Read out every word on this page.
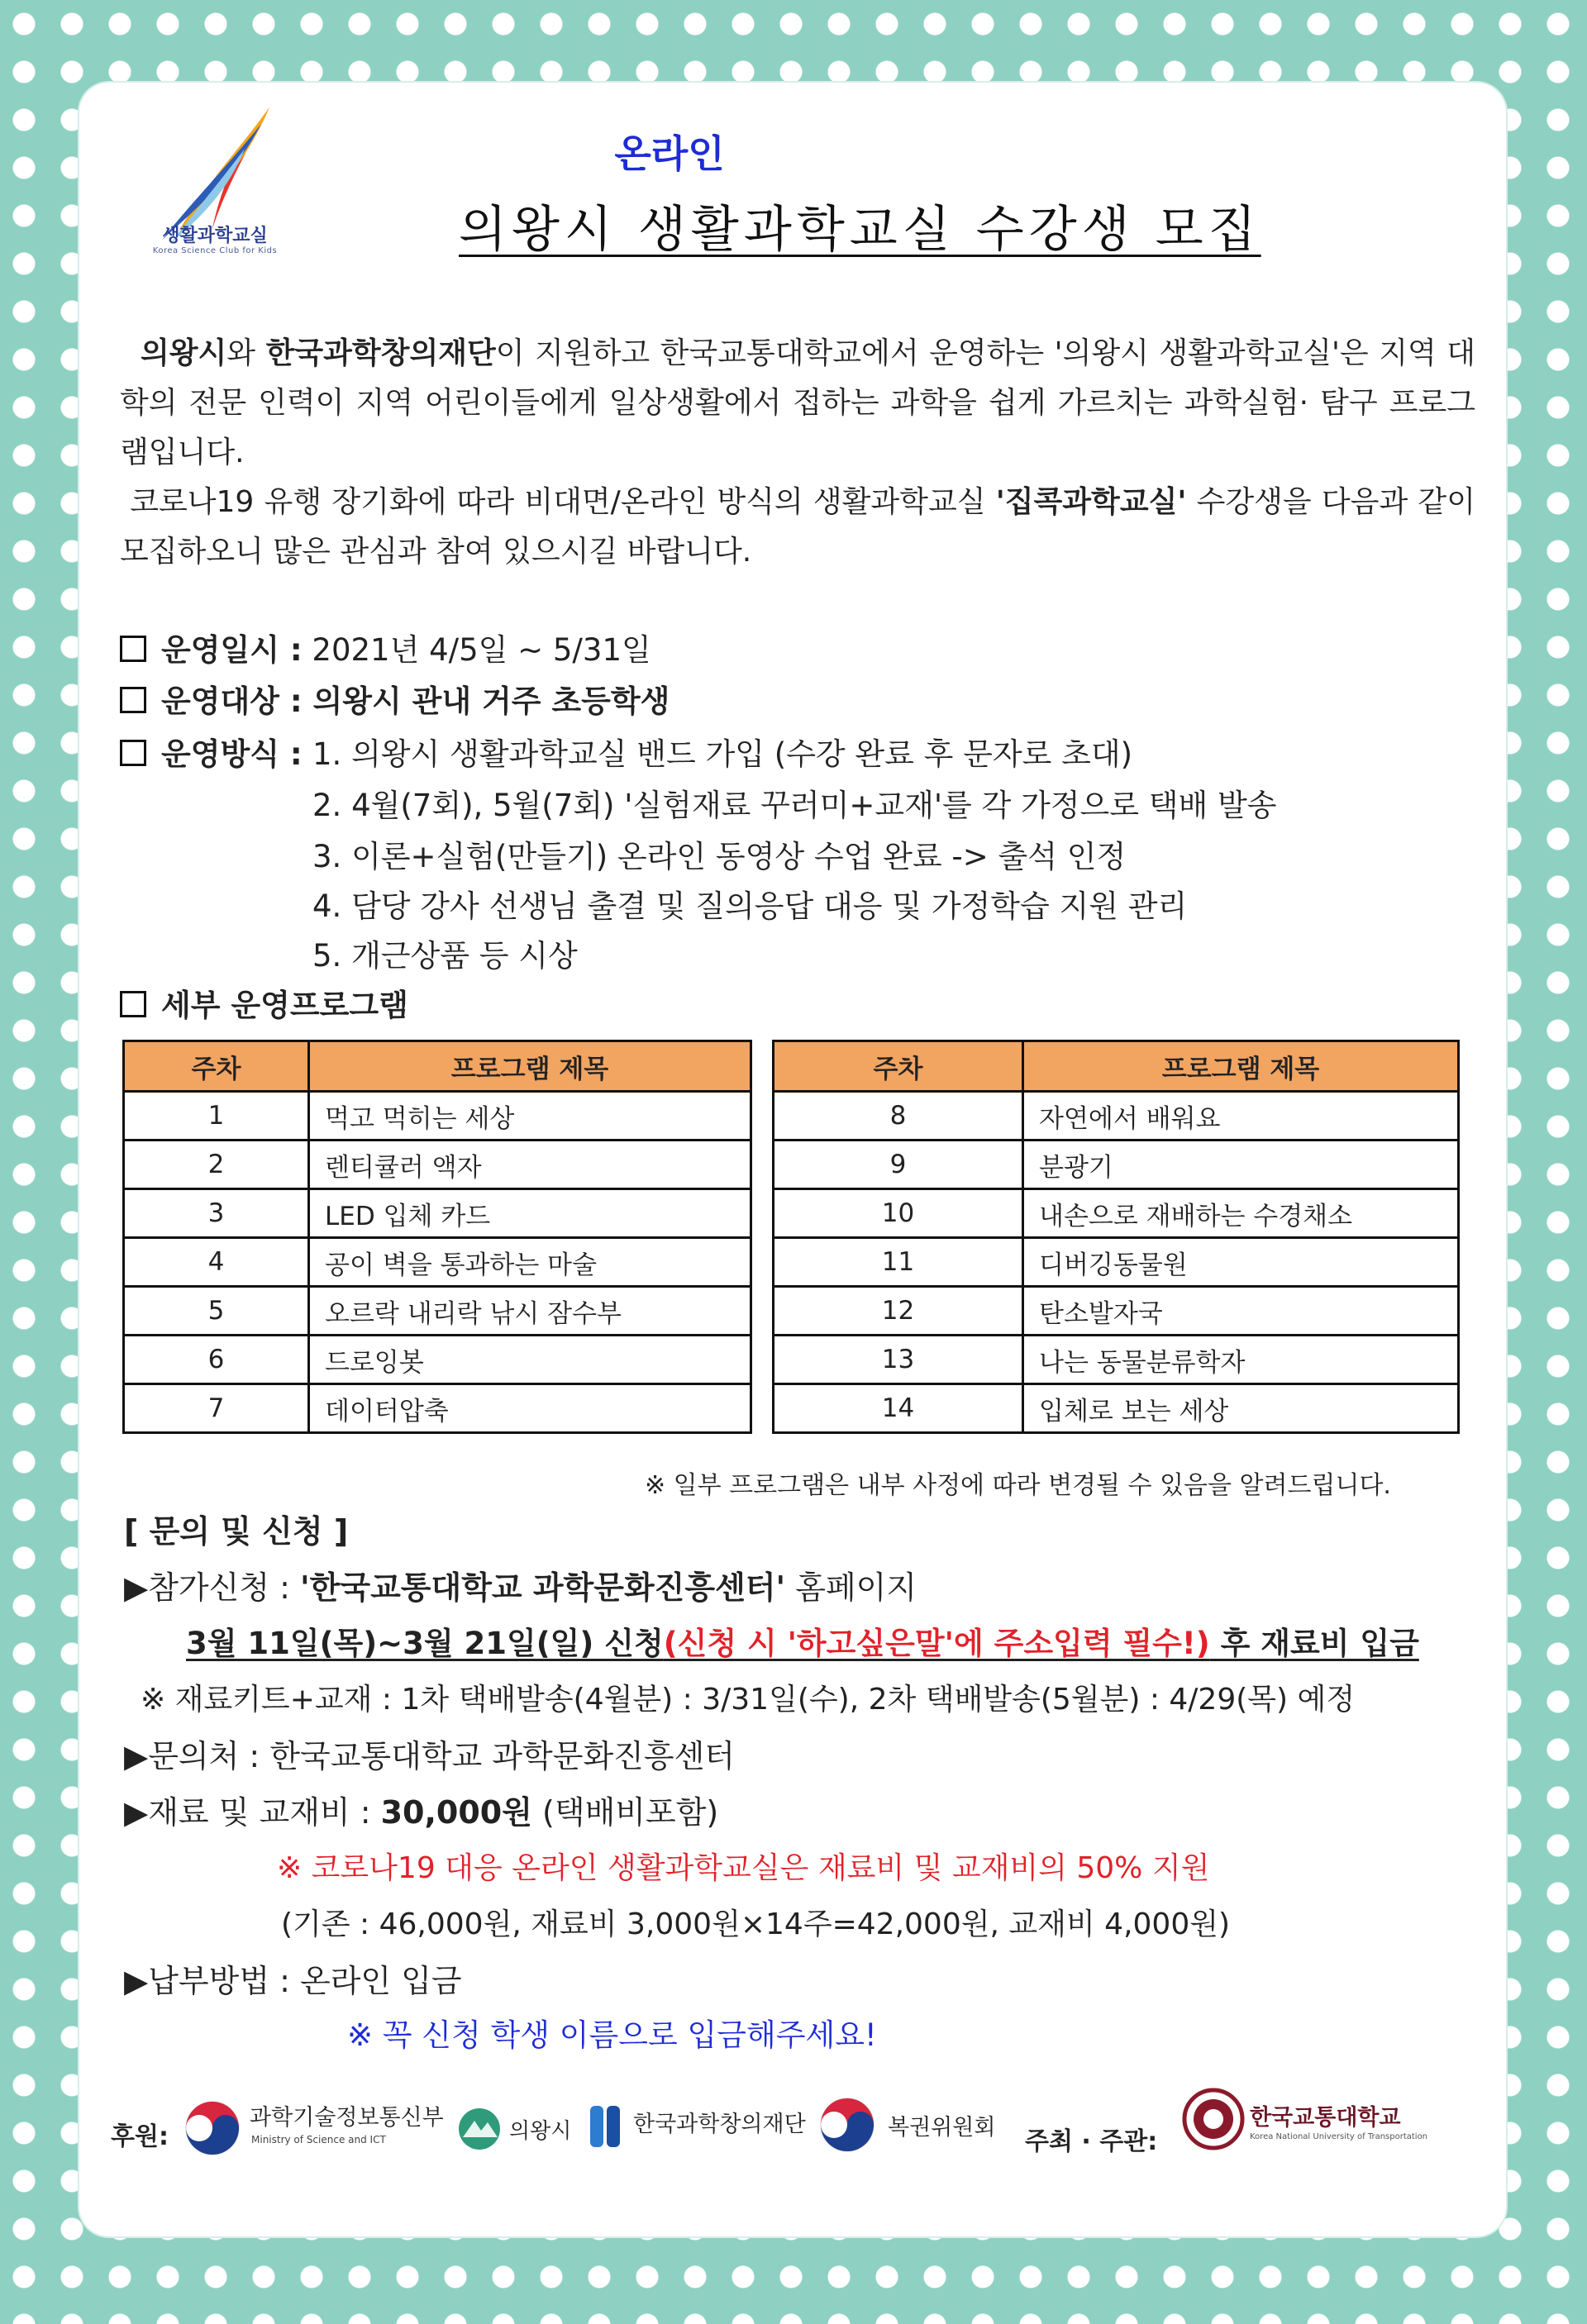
생활과학교실
Korea Science Club for Kids
온라인
의왕시 생활과학교실 수강생 모집
의왕시와 한국과학창의재단이 지원하고 한국교통대학교에서 운영하는 '의왕시 생활과학교실'은 지역 대학의 전문 인력이 지역 어린이들에게 일상생활에서 접하는 과학을 쉽게 가르치는 과학실험· 탐구 프로그램입니다.
코로나19 유행 장기화에 따라 비대면/온라인 방식의 생활과학교실 '집콕과학교실' 수강생을 다음과 같이 모집하오니 많은 관심과 참여 있으시길 바랍니다.
운영일시 : 2021년 4/5일 ~ 5/31일
운영대상 : 의왕시 관내 거주 초등학생
운영방식 : 1. 의왕시 생활과학교실 밴드 가입 (수강 완료 후 문자로 초대)
2. 4월(7회), 5월(7회) '실험재료 꾸러미+교재'를 각 가정으로 택배 발송
3. 이론+실험(만들기) 온라인 동영상 수업 완료 -> 출석 인정
4. 담당 강사 선생님 출결 및 질의응답 대응 및 가정학습 지원 관리
5. 개근상품 등 시상
세부 운영프로그램
주차	프로그램 제목
1	먹고 먹히는 세상
2	렌티큘러 액자
3	LED 입체 카드
4	공이 벽을 통과하는 마술
5	오르락 내리락 낚시 잠수부
6	드로잉봇
7	데이터압축
주차	프로그램 제목
8	자연에서 배워요
9	분광기
10	내손으로 재배하는 수경채소
11	디버깅동물원
12	탄소발자국
13	나는 동물분류학자
14	입체로 보는 세상
※ 일부 프로그램은 내부 사정에 따라 변경될 수 있음을 알려드립니다.
[ 문의 및 신청 ]
▶참가신청 : '한국교통대학교 과학문화진흥센터' 홈페이지
3월 11일(목)~3월 21일(일) 신청(신청 시 '하고싶은말'에 주소입력 필수!) 후 재료비 입금
※ 재료키트+교재 : 1차 택배발송(4월분) : 3/31일(수), 2차 택배발송(5월분) : 4/29(목) 예정
▶문의처 : 한국교통대학교 과학문화진흥센터
▶재료 및 교재비 : 30,000원 (택배비포함)
※ 코로나19 대응 온라인 생활과학교실은 재료비 및 교재비의 50% 지원
(기존 : 46,000원, 재료비 3,000원×14주=42,000원, 교재비 4,000원)
▶납부방법 : 온라인 입금
※ 꼭 신청 학생 이름으로 입금해주세요!
후원:
과학기술정보통신부
Ministry of Science and ICT	의왕시	한국과학창의재단	복권위원회 주최 · 주관:
한국교통대학교
Korea National University of Transportation
